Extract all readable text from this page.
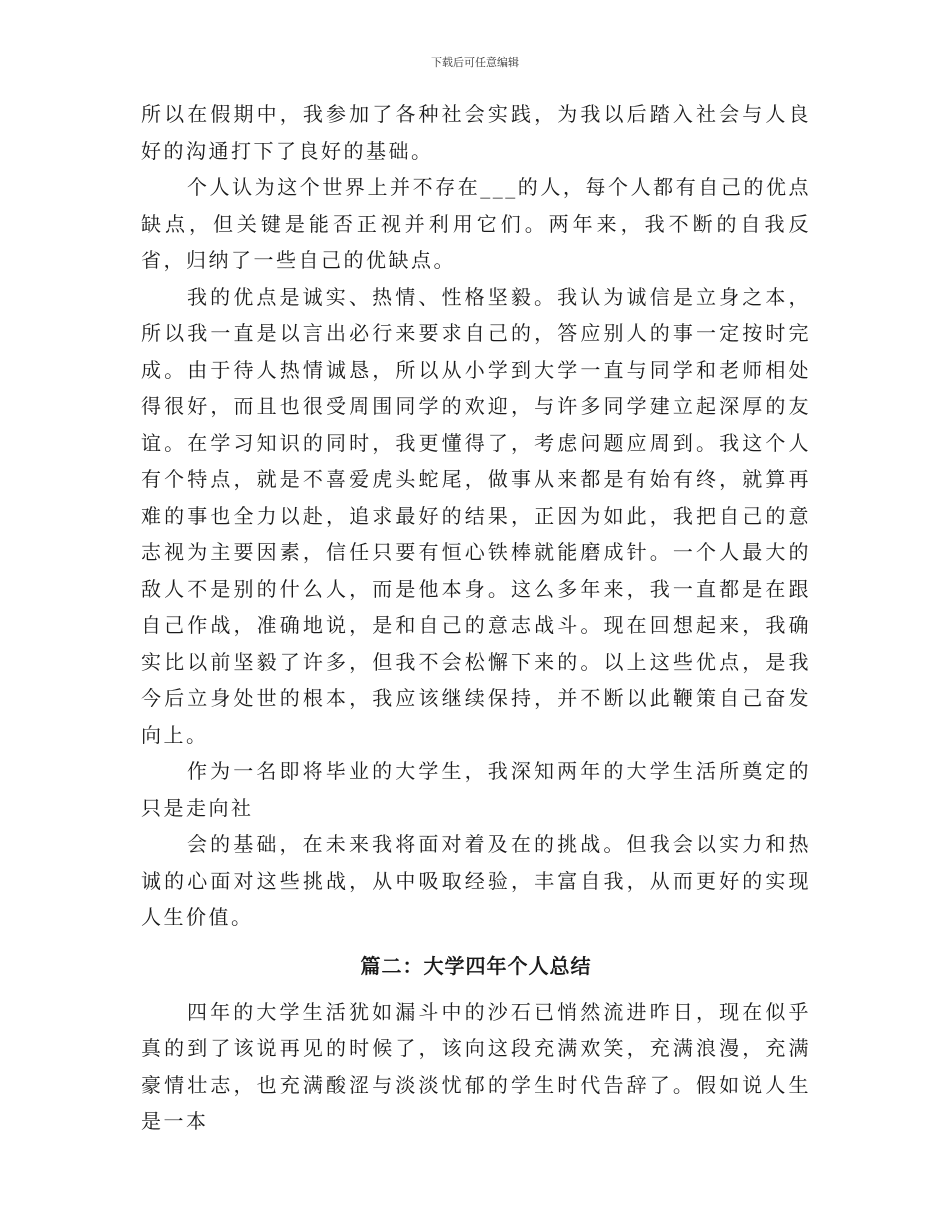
下载后可任意编辑

所以在假期中，我参加了各种社会实践，为我以后踏入社会与人良好的沟通打下了良好的基础。

个人认为这个世界上并不存在___的人，每个人都有自己的优点缺点，但关键是能否正视并利用它们。两年来，我不断的自我反省，归纳了一些自己的优缺点。

我的优点是诚实、热情、性格坚毅。我认为诚信是立身之本，所以我一直是以言出必行来要求自己的，答应别人的事一定按时完成。由于待人热情诚恳，所以从小学到大学一直与同学和老师相处得很好，而且也很受周围同学的欢迎，与许多同学建立起深厚的友谊。在学习知识的同时，我更懂得了，考虑问题应周到。我这个人有个特点，就是不喜爱虎头蛇尾，做事从来都是有始有终，就算再难的事也全力以赴，追求最好的结果，正因为如此，我把自己的意志视为主要因素，信任只要有恒心铁棒就能磨成针。一个人最大的敌人不是别的什么人，而是他本身。这么多年来，我一直都是在跟自己作战，准确地说，是和自己的意志战斗。现在回想起来，我确实比以前坚毅了许多，但我不会松懈下来的。以上这些优点，是我今后立身处世的根本，我应该继续保持，并不断以此鞭策自己奋发向上。

作为一名即将毕业的大学生，我深知两年的大学生活所奠定的只是走向社

会的基础，在未来我将面对着及在的挑战。但我会以实力和热诚的心面对这些挑战，从中吸取经验，丰富自我，从而更好的实现人生价值。

篇二：大学四年个人总结

四年的大学生活犹如漏斗中的沙石已悄然流进昨日，现在似乎真的到了该说再见的时候了，该向这段充满欢笑，充满浪漫，充满豪情壮志，也充满酸涩与淡淡忧郁的学生时代告辞了。假如说人生是一本
